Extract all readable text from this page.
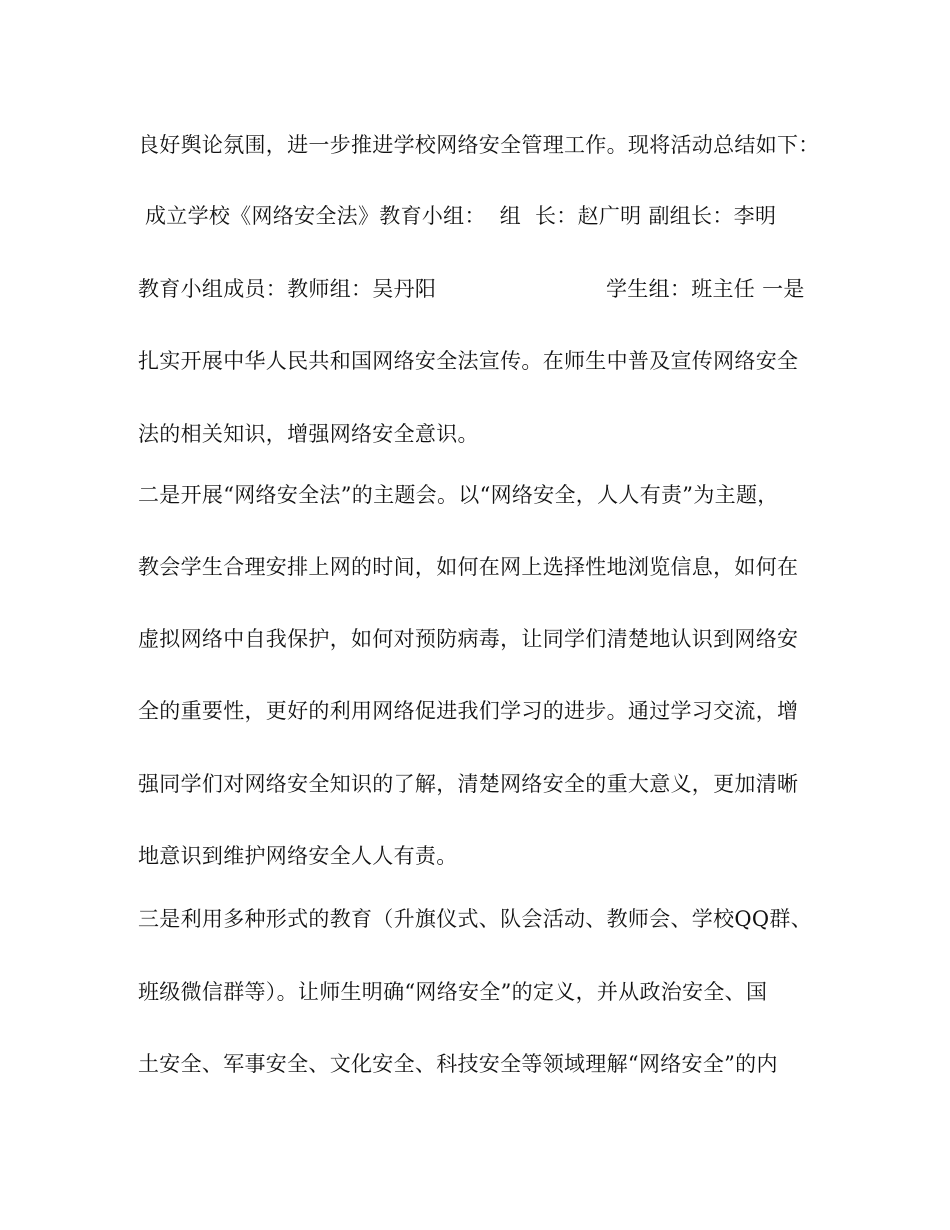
良好舆论氛围，进一步推进学校网络安全管理工作。现将活动总结如下：
成立学校《网络安全法》教育小组：  组  长：赵广明 副组长：李明
教育小组成员：教师组：吴丹阳	学生组：班主任 一是
扎实开展中华人民共和国网络安全法宣传。在师生中普及宣传网络安全
法的相关知识，增强网络安全意识。
二是开展“网络安全法”的主题会。以“网络安全，人人有责”为主题，
教会学生合理安排上网的时间，如何在网上选择性地浏览信息，如何在
虚拟网络中自我保护，如何对预防病毒，让同学们清楚地认识到网络安
全的重要性，更好的利用网络促进我们学习的进步。通过学习交流，增
强同学们对网络安全知识的了解，清楚网络安全的重大意义，更加清晰
地意识到维护网络安全人人有责。
三是利用多种形式的教育（升旗仪式、队会活动、教师会、学校QQ群、
班级微信群等）。让师生明确“网络安全”的定义，并从政治安全、国
土安全、军事安全、文化安全、科技安全等领域理解“网络安全”的内
